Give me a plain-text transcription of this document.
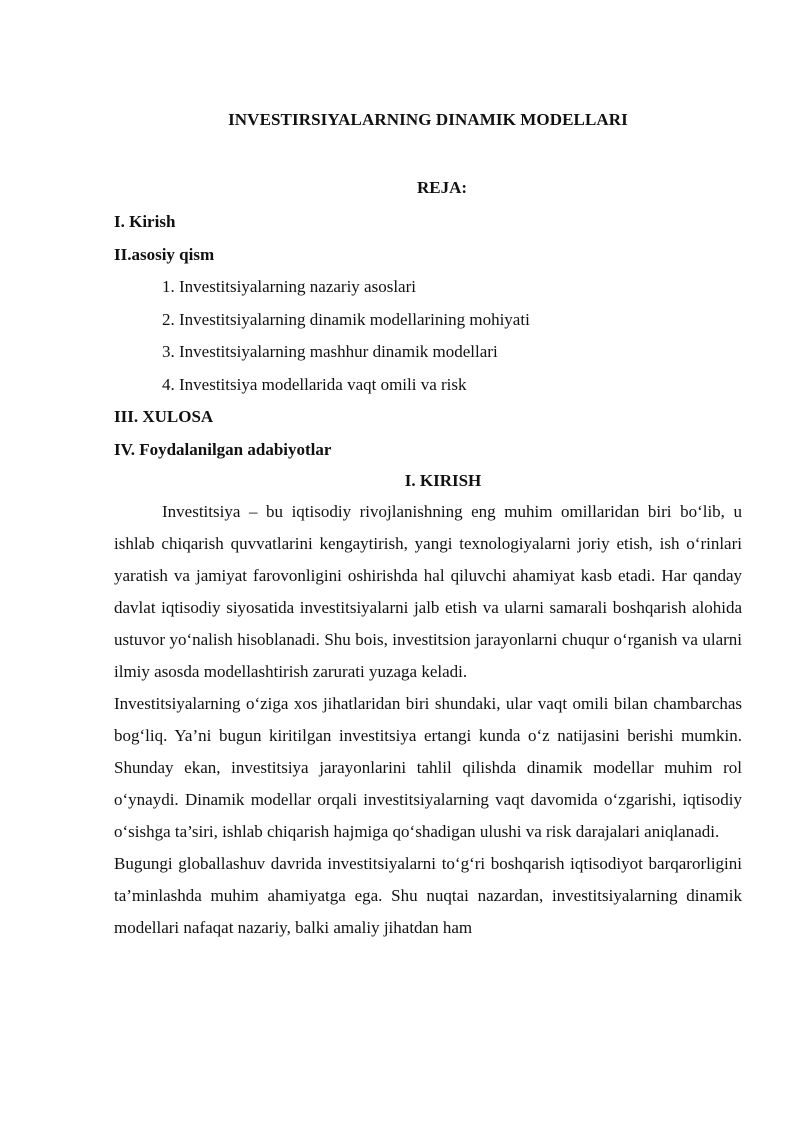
INVESTIRSIYALARNING DINAMIK MODELLARI
REJA:
I. Kirish
II.asosiy qism
1. Investitsiyalarning nazariy asoslari
2. Investitsiyalarning dinamik modellarining mohiyati
3. Investitsiyalarning mashhur dinamik modellari
4. Investitsiya modellarida vaqt omili va risk
III. XULOSA
IV. Foydalanilgan adabiyotlar
I. KIRISH

Investitsiya – bu iqtisodiy rivojlanishning eng muhim omillaridan biri bo‘lib, u ishlab chiqarish quvvatlarini kengaytirish, yangi texnologiyalarni joriy etish, ish o‘rinlari yaratish va jamiyat farovonligini oshirishda hal qiluvchi ahamiyat kasb etadi. Har qanday davlat iqtisodiy siyosatida investitsiyalarni jalb etish va ularni samarali boshqarish alohida ustuvor yo‘nalish hisoblanadi. Shu bois, investitsion jarayonlarni chuqur o‘rganish va ularni ilmiy asosda modellashtirish zarurati yuzaga keladi.

Investitsiyalarning o‘ziga xos jihatlaridan biri shundaki, ular vaqt omili bilan chambarchas bog‘liq. Ya’ni bugun kiritilgan investitsiya ertangi kunda o‘z natijasini berishi mumkin. Shunday ekan, investitsiya jarayonlarini tahlil qilishda dinamik modellar muhim rol o‘ynaydi. Dinamik modellar orqali investitsiyalarning vaqt davomida o‘zgarishi, iqtisodiy o‘sishga ta’siri, ishlab chiqarish hajmiga qo‘shadigan ulushi va risk darajalari aniqlanadi.

Bugungi globallashuv davrida investitsiyalarni to‘g‘ri boshqarish iqtisodiyot barqarorligini ta’minlashda muhim ahamiyatga ega. Shu nuqtai nazardan, investitsiyalarning dinamik modellari nafaqat nazariy, balki amaliy jihatdan ham
